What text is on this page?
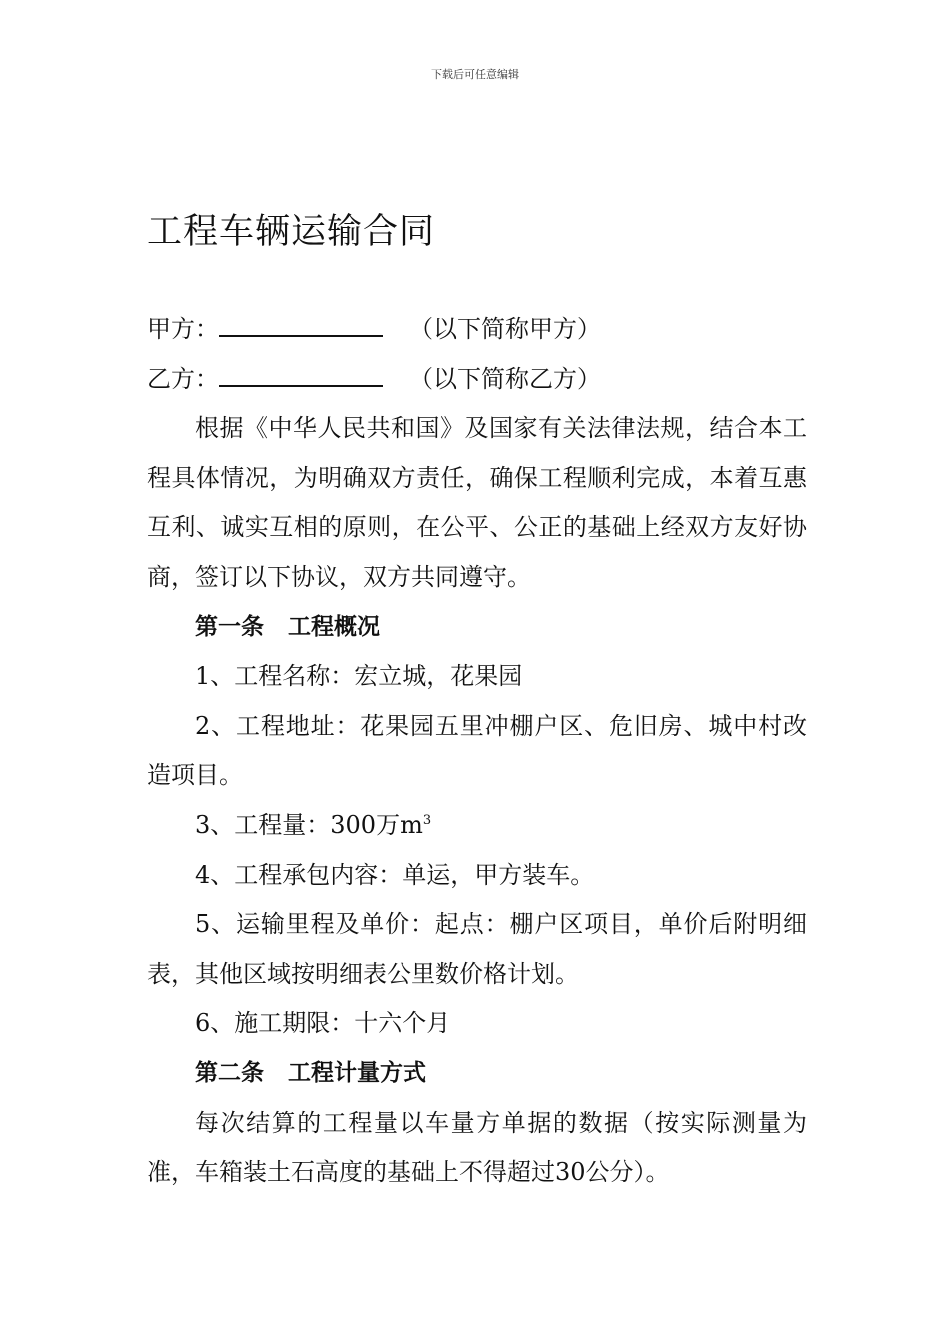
下载后可任意编辑
工程车辆运输合同
甲方：	（以下简称甲方）
乙方：	（以下简称乙方）

根据《中华人民共和国》及国家有关法律法规，结合本工程具体情况，为明确双方责任，确保工程顺利完成，本着互惠互利、诚实互相的原则，在公平、公正的基础上经双方友好协商，签订以下协议，双方共同遵守。

第一条 工程概况

1、工程名称：宏立城，花果园

2、工程地址：花果园五里冲棚户区、危旧房、城中村改造项目。

3、工程量：300万$m^3$

4、工程承包内容：单运，甲方装车。

5、运输里程及单价：起点：棚户区项目，单价后附明细表，其他区域按明细表公里数价格计划。

6、施工期限：十六个月

第二条 工程计量方式

每次结算的工程量以车量方单据的数据（按实际测量为准，车箱装土石高度的基础上不得超过30公分）。
